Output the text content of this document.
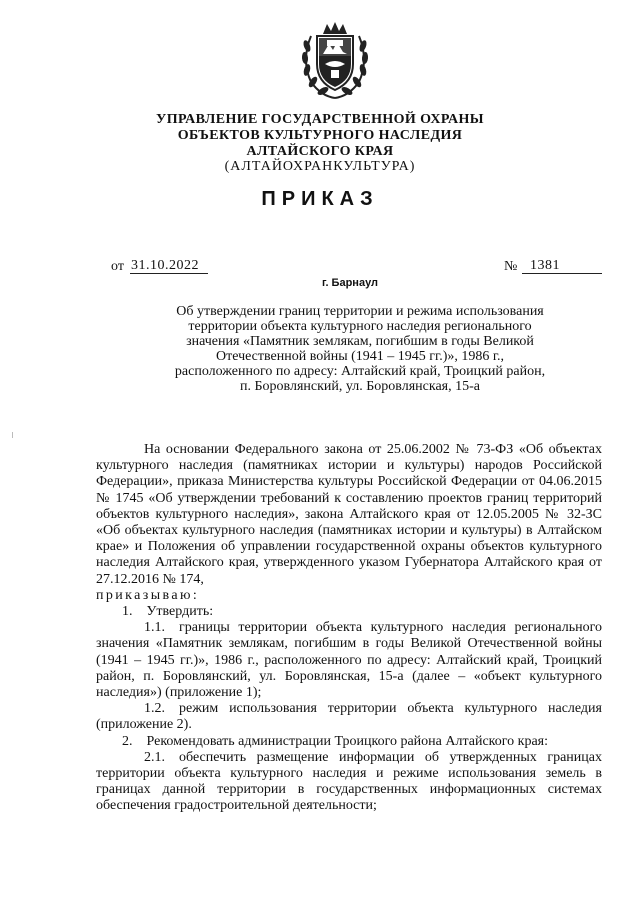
УПРАВЛЕНИЕ ГОСУДАРСТВЕННОЙ ОХРАНЫ
ОБЪЕКТОВ КУЛЬТУРНОГО НАСЛЕДИЯ
АЛТАЙСКОГО КРАЯ
(АЛТАЙОХРАНКУЛЬТУРА)
ПРИКАЗ
от 31.10.2022	№ 1381
г. Барнаул
Об утверждении границ территории и режима использования
территории объекта культурного наследия регионального
значения «Памятник землякам, погибшим в годы Великой
Отечественной войны (1941 – 1945 гг.)», 1986 г.,
расположенного по адресу: Алтайский край, Троицкий район,
п. Боровлянский, ул. Боровлянская, 15-а

На основании Федерального закона от 25.06.2002 № 73-ФЗ «Об объектах культурного наследия (памятниках истории и культуры) народов Российской Федерации», приказа Министерства культуры Российской Федерации от 04.06.2015 № 1745 «Об утверждении требований к составлению проектов границ территорий объектов культурного наследия», закона Алтайского края от 12.05.2005 № 32-ЗС «Об объектах культурного наследия (памятниках истории и культуры) в Алтайском крае» и Положения об управлении государственной охраны объектов культурного наследия Алтайского края, утвержденного указом Губернатора Алтайского края от 27.12.2016 № 174,

приказываю:

1. Утвердить:

1.1. границы территории объекта культурного наследия регионального значения «Памятник землякам, погибшим в годы Великой Отечественной войны (1941 – 1945 гг.)», 1986 г., расположенного по адресу: Алтайский край, Троицкий район, п. Боровлянский, ул. Боровлянская, 15-а (далее – «объект культурного наследия») (приложение 1);

1.2. режим использования территории объекта культурного наследия (приложение 2).

2. Рекомендовать администрации Троицкого района Алтайского края:

2.1. обеспечить размещение информации об утвержденных границах территории объекта культурного наследия и режиме использования земель в границах данной территории в государственных информационных системах обеспечения градостроительной деятельности;
